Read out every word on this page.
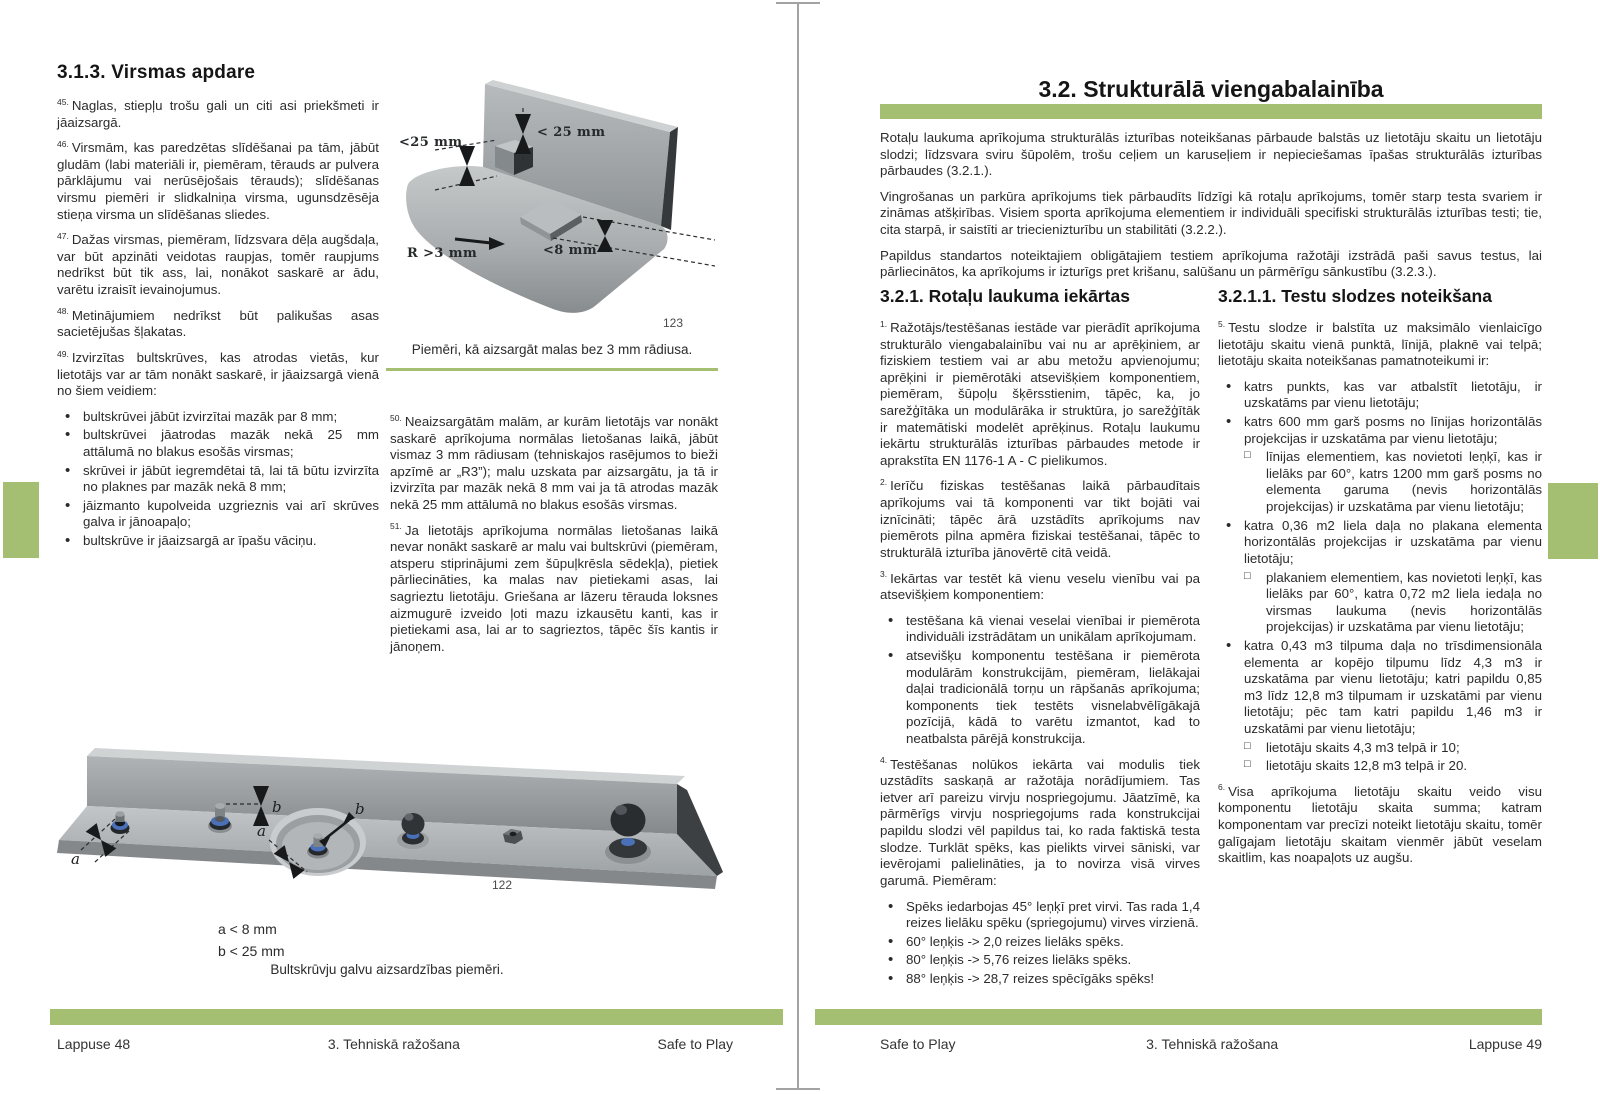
3.1.3. Virsmas apdare

$^{45.}$ Naglas, stiepļu trošu gali un citi asi priekšmeti ir jāaizsargā.

$^{46.}$ Virsmām, kas paredzētas slīdēšanai pa tām, jābūt gludām (labi materiāli ir, piemēram, tērauds ar pulvera pārklājumu vai nerūsējošais tērauds); slīdēšanas virsmu piemēri ir slidkalniņa virsma, ugunsdzēsēja stieņa virsma un slīdēšanas sliedes.

$^{47.}$ Dažas virsmas, piemēram, līdzsvara dēļa augšdaļa, var būt apzināti veidotas raupjas, tomēr raupjums nedrīkst būt tik ass, lai, nonākot saskarē ar ādu, varētu izraisīt ievainojumus.

$^{48.}$ Metinājumiem nedrīkst būt palikušas asas sacietējušas šļakatas.

$^{49.}$ Izvirzītas bultskrūves, kas atrodas vietās, kur lietotājs var ar tām nonākt saskarē, ir jāaizsargā vienā no šiem veidiem:

• bultskrūvei jābūt izvirzītai mazāk par 8 mm;
• bultskrūvei jāatrodas mazāk nekā 25 mm attālumā no blakus esošās virsmas;
• skrūvei ir jābūt iegremdētai tā, lai tā būtu izvirzīta no plaknes par mazāk nekā 8 mm;
• jāizmanto kupolveida uzgrieznis vai arī skrūves galva ir jānoapaļo;
• bultskrūve ir jāaizsargā ar īpašu vāciņu.
<25 mm
< 25 mm
<8 mm
R >3 mm
123
Piemēri, kā aizsargāt malas bez 3 mm rādiusa.

$^{50.}$ Neaizsargātām malām, ar kurām lietotājs var nonākt saskarē aprīkojuma normālas lietošanas laikā, jābūt vismaz 3 mm rādiusam (tehniskajos rasējumos to bieži apzīmē ar „R3”); malu uzskata par aizsargātu, ja tā ir izvirzīta par mazāk nekā 8 mm vai ja tā atrodas mazāk nekā 25 mm attālumā no blakus esošās virsmas.

$^{51.}$ Ja lietotājs aprīkojuma normālas lietošanas laikā nevar nonākt saskarē ar malu vai bultskrūvi (piemēram, atsperu stiprinājumi zem šūpuļkrēsla sēdekļa), pietiek pārliecināties, ka malas nav pietiekami asas, lai sagrieztu lietotāju. Griešana ar lāzeru tērauda loksnes aizmugurē izveido ļoti mazu izkausētu kanti, kas ir pietiekami asa, lai ar to sagrieztos, tāpēc šīs kantis ir jānoņem.

a
b	b
a
122
a < 8 mm
b < 25 mm
Bultskrūvju galvu aizsardzības piemēri.
Lappuse 48	3. Tehniskā ražošana	Safe to Play
3.2. Strukturālā viengabalainība

Rotaļu laukuma aprīkojuma strukturālās izturības noteikšanas pārbaude balstās uz lietotāju skaitu un lietotāju slodzi; līdzsvara sviru šūpolēm, trošu ceļiem un karuseļiem ir nepieciešamas īpašas strukturālās izturības pārbaudes (3.2.1.).

Vingrošanas un parkūra aprīkojums tiek pārbaudīts līdzīgi kā rotaļu aprīkojums, tomēr starp testa svariem ir zināmas atšķirības. Visiem sporta aprīkojuma elementiem ir individuāli specifiski strukturālās izturības testi; tie, cita starpā, ir saistīti ar triecienizturību un stabilitāti (3.2.2.).

Papildus standartos noteiktajiem obligātajiem testiem aprīkojuma ražotāji izstrādā paši savus testus, lai pārliecinātos, ka aprīkojums ir izturīgs pret krišanu, salūšanu un pārmērīgu sānkustību (3.2.3.).

3.2.1. Rotaļu laukuma iekārtas	3.2.1.1. Testu slodzes noteikšana

$^{1.}$ Ražotājs/testēšanas iestāde var pierādīt aprīkojuma strukturālo viengabalainību vai nu ar aprēķiniem, ar fiziskiem testiem vai ar abu metožu apvienojumu; aprēķini ir piemērotāki atsevišķiem komponentiem, piemēram, šūpoļu šķērsstienim, tāpēc, ka, jo sarežģītāka un modulārāka ir struktūra, jo sarežģītāk ir matemātiski modelēt aprēķinus. Rotaļu laukumu iekārtu strukturālās izturības pārbaudes metode ir aprakstīta EN 1176-1 A - C pielikumos.

$^{2.}$ Ierīču fiziskas testēšanas laikā pārbaudītais aprīkojums vai tā komponenti var tikt bojāti vai iznīcināti; tāpēc ārā uzstādīts aprīkojums nav piemērots pilna apmēra fiziskai testēšanai, tāpēc to strukturālā izturība jānovērtē citā veidā.

$^{3.}$ Iekārtas var testēt kā vienu veselu vienību vai pa atsevišķiem komponentiem:

• testēšana kā vienai veselai vienībai ir piemērota individuāli izstrādātam un unikālam aprīkojumam.
• atsevišķu komponentu testēšana ir piemērota modulārām konstrukcijām, piemēram, lielākajai daļai tradicionālā torņu un rāpšanās aprīkojuma; komponents tiek testēts visnelabvēlīgākajā pozīcijā, kādā to varētu izmantot, kad to neatbalsta pārējā konstrukcija.

$^{4.}$ Testēšanas nolūkos iekārta vai modulis tiek uzstādīts saskaņā ar ražotāja norādījumiem. Tas ietver arī pareizu virvju nospriegojumu. Jāatzīmē, ka pārmērīgs virvju nospriegojums rada konstrukcijai papildu slodzi vēl papildus tai, ko rada faktiskā testa slodze. Turklāt spēks, kas pielikts virvei sāniski, var ievērojami palielināties, ja to novirza visā virves garumā. Piemēram:

• Spēks iedarbojas 45° leņķī pret virvi. Tas rada 1,4 reizes lielāku spēku (spriegojumu) virves virzienā.
• 60° leņķis -> 2,0 reizes lielāks spēks.
• 80° leņķis -> 5,76 reizes lielāks spēks.
• 88° leņķis -> 28,7 reizes spēcīgāks spēks!

$^{5.}$ Testu slodze ir balstīta uz maksimālo vienlaicīgo lietotāju skaitu vienā punktā, līnijā, plaknē vai telpā; lietotāju skaita noteikšanas pamatnoteikumi ir:

• katrs punkts, kas var atbalstīt lietotāju, ir uzskatāms par vienu lietotāju;
• katrs 600 mm garš posms no līnijas horizontālās projekcijas ir uzskatāma par vienu lietotāju;
□ līnijas elementiem, kas novietoti leņķī, kas ir lielāks par 60°, katrs 1200 mm garš posms no elementa garuma (nevis horizontālās projekcijas) ir uzskatāma par vienu lietotāju;
• katra 0,36 m2 liela daļa no plakana elementa horizontālās projekcijas ir uzskatāma par vienu lietotāju;
□ plakaniem elementiem, kas novietoti leņķī, kas lielāks par 60°, katra 0,72 m2 liela iedaļa no virsmas laukuma (nevis horizontālās projekcijas) ir uzskatāma par vienu lietotāju;
• katra 0,43 m3 tilpuma daļa no trīsdimensionāla elementa ar kopējo tilpumu līdz 4,3 m3 ir uzskatāma par vienu lietotāju; katri papildu 0,85 m3 līdz 12,8 m3 tilpumam ir uzskatāmi par vienu lietotāju; pēc tam katri papildu 1,46 m3 ir uzskatāmi par vienu lietotāju;
□ lietotāju skaits 4,3 m3 telpā ir 10;
□ lietotāju skaits 12,8 m3 telpā ir 20.

$^{6.}$ Visa aprīkojuma lietotāju skaitu veido visu komponentu lietotāju skaita summa; katram komponentam var precīzi noteikt lietotāju skaitu, tomēr galīgajam lietotāju skaitam vienmēr jābūt veselam skaitlim, kas noapaļots uz augšu.

Safe to Play	3. Tehniskā ražošana	Lappuse 49
